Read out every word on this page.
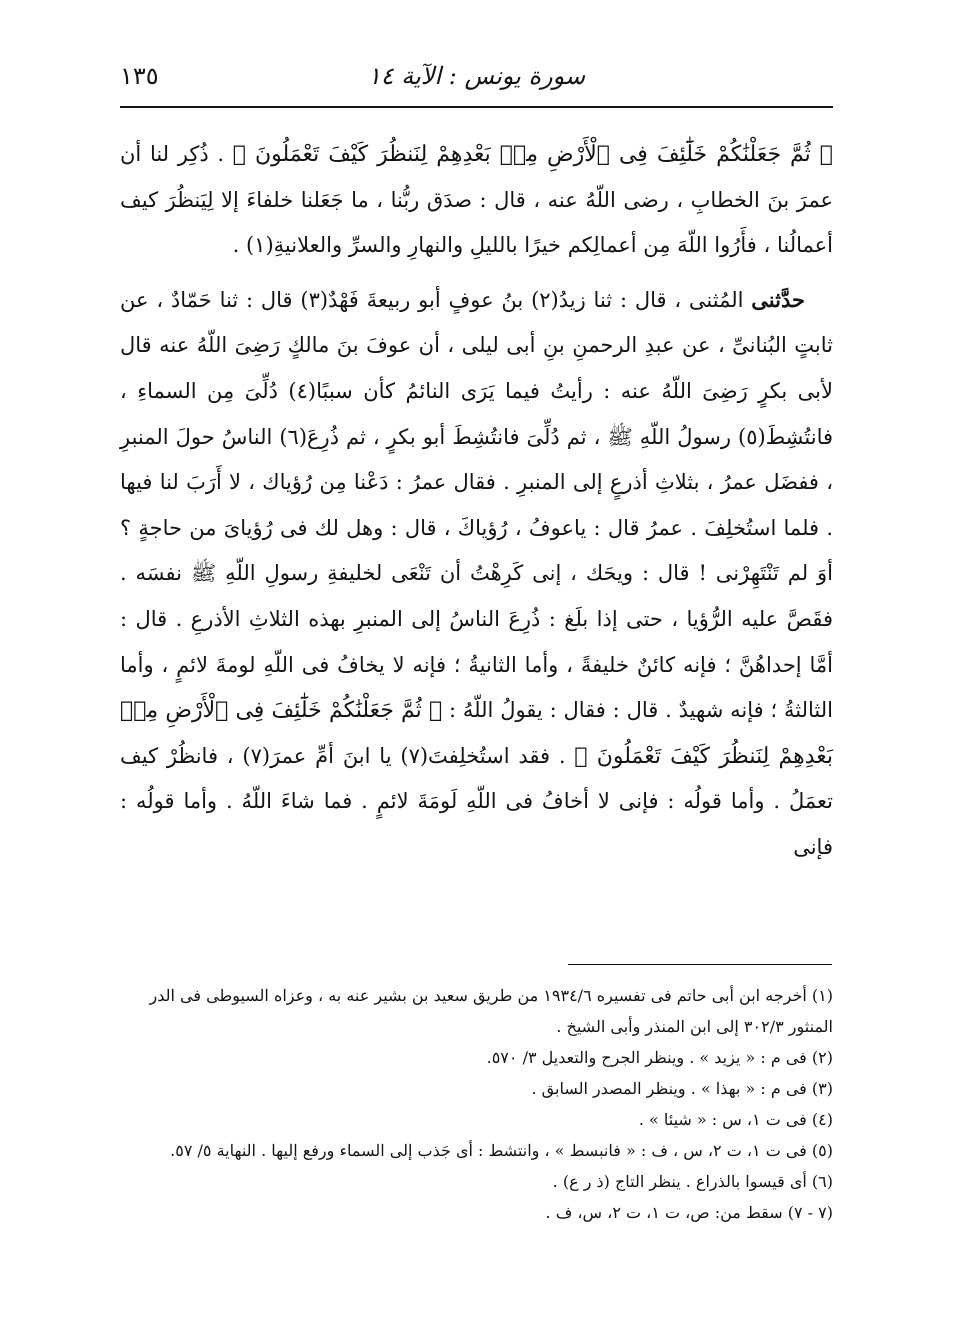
سورة يونس : الآية ١٤
١٣٥

﴿ ثُمَّ جَعَلْنَٰكُمْ خَلَٰٓئِفَ فِى ٱلْأَرْضِ مِنۢ بَعْدِهِمْ لِنَنظُرَ كَيْفَ تَعْمَلُونَ ﴾ . ذُكِر لنا أن عمرَ بنَ الخطابِ ، رضى اللّهُ عنه ، قال : صدَق ربُّنا ، ما جَعَلنا خلفاءَ إلا لِيَنظُرَ كيف أعمالُنا ، فأَرُوا اللّهَ مِن أعمالِكم خيرًا بالليلِ والنهارِ والسرِّ والعلانيةِ(١) .

حدَّثنى المُثنى ، قال : ثنا زيدُ(٢) بنُ عوفٍ أبو ربيعةَ فَهْدٌ(٣) قال : ثنا حَمّادٌ ، عن ثابتٍ البُنانىِّ ، عن عبدِ الرحمنِ بنِ أبى ليلى ، أن عوفَ بنَ مالكٍ رَضِىَ اللّهُ عنه قال لأبى بكرٍ رَضِىَ اللّهُ عنه : رأيتُ فيما يَرَى النائمُ كأن سببًا(٤) دُلِّىَ مِن السماءِ ، فانتُشِطَ(٥) رسولُ اللّهِ ﷺ ، ثم دُلِّىَ فانتُشِطَ أبو بكرٍ ، ثم ذُرِعَ(٦) الناسُ حولَ المنبرِ ، ففضَل عمرُ ، بثلاثِ أذرعٍ إلى المنبرِ . فقال عمرُ : دَعْنا مِن رُؤياك ، لا أَرَبَ لنا فيها . فلما استُخلِفَ . عمرُ قال : ياعوفُ ، رُؤياكَ ، قال : وهل لك فى رُؤياىَ من حاجةٍ ؟ أوَ لم تَنْتَهِرْنى ! قال : ويحَك ، إنى كَرِهْتُ أن تَنْعَى لخليفةِ رسولِ اللّهِ ﷺ نفسَه . فقَصَّ عليه الرُّؤيا ، حتى إذا بلَغ : ذُرِعَ الناسُ إلى المنبرِ بهذه الثلاثِ الأذرعِ . قال : أمَّا إحداهُنَّ ؛ فإنه كائنٌ خليفةً ، وأما الثانيةُ ؛ فإنه لا يخافُ فى اللّهِ لومةَ لائمٍ ، وأما الثالثةُ ؛ فإنه شهيدٌ . قال : فقال : يقولُ اللّهُ : ﴿ ثُمَّ جَعَلْنَٰكُمْ خَلَٰٓئِفَ فِى ٱلْأَرْضِ مِنۢ بَعْدِهِمْ لِنَنظُرَ كَيْفَ تَعْمَلُونَ ﴾ . فقد استُخلِفتَ(٧) يا ابنَ أمِّ عمرَ(٧) ، فانظُرْ كيف تعمَلُ . وأما قولُه : فإنى لا أخافُ فى اللّهِ لَومَةَ لائمٍ . فما شاءَ اللّهُ . وأما قولُه : فإنى

(١) أخرجه ابن أبى حاتم فى تفسيره ١٩٣٤/٦ من طريق سعيد بن بشير عنه به ، وعزاه السيوطى فى الدر المنثور ٣٠٢/٣ إلى ابن المنذر وأبى الشيخ .

(٢) فى م : « يزيد » . وينظر الجرح والتعديل ٣/ ٥٧٠.

(٣) فى م : « بهذا » . وينظر المصدر السابق .

(٤) فى ت ١، س : « شيئا » .

(٥) فى ت ١، ت ٢، س ، ف : « فانبسط » ، وانتشط : أى جَذب إلى السماء ورفع إليها . النهاية ٥/ ٥٧.

(٦) أى قيسوا بالذراع . ينظر التاج (ذ ر ع) .

(٧ - ٧) سقط من: ص، ت ١، ت ٢، س، ف .
